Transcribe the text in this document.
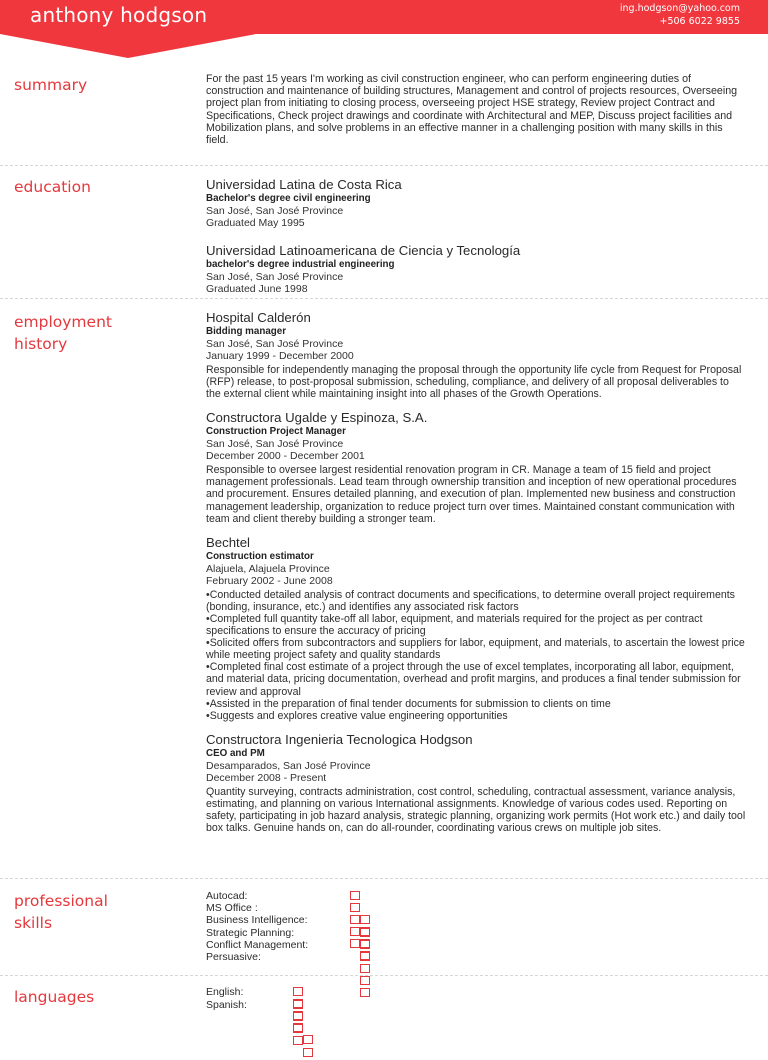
anthony hodgson	ing.hodgson@yahoo.com
+506 6022 9855
summary	For the past 15 years I'm working as civil construction engineer, who can perform engineering duties of construction and maintenance of building structures, Management and control of projects resources, Overseeing project plan from initiating to closing process, overseeing project HSE strategy, Review project Contract and Specifications, Check project drawings and coordinate with Architectural and MEP, Discuss project facilities and Mobilization plans, and solve problems in an effective manner in a challenging position with many skills in this field.
education	Universidad Latina de Costa Rica
Bachelor's degree civil engineering
San José, San José Province
Graduated May 1995
Universidad Latinoamericana de Ciencia y Tecnología
bachelor's degree industrial engineering
San José, San José Province
Graduated June 1998
employment
history
Hospital Calderón
Bidding manager
San José, San José Province
January 1999 - December 2000
Responsible for independently managing the proposal through the opportunity life cycle from Request for Proposal (RFP) release, to post-proposal submission, scheduling, compliance, and delivery of all proposal deliverables to the external client while maintaining insight into all phases of the Growth Operations.
Constructora Ugalde y Espinoza, S.A.
Construction Project Manager
San José, San José Province
December 2000 - December 2001
Responsible to oversee largest residential renovation program in CR. Manage a team of 15 field and project management professionals. Lead team through ownership transition and inception of new operational procedures and procurement. Ensures detailed planning, and execution of plan. Implemented new business and construction management leadership, organization to reduce project turn over times. Maintained constant communication with team and client thereby building a stronger team.
Bechtel
Construction estimator
Alajuela, Alajuela Province
February 2002 - June 2008
•Conducted detailed analysis of contract documents and specifications, to determine overall project requirements (bonding, insurance, etc.) and identifies any associated risk factors
•Completed full quantity take-off all labor, equipment, and materials required for the project as per contract specifications to ensure the accuracy of pricing
•Solicited offers from subcontractors and suppliers for labor, equipment, and materials, to ascertain the lowest price while meeting project safety and quality standards
•Completed final cost estimate of a project through the use of excel templates, incorporating all labor, equipment, and material data, pricing documentation, overhead and profit margins, and produces a final tender submission for review and approval
•Assisted in the preparation of final tender documents for submission to clients on time
•Suggests and explores creative value engineering opportunities
Constructora Ingenieria Tecnologica Hodgson
CEO and PM
Desamparados, San José Province
December 2008 - Present
Quantity surveying, contracts administration, cost control, scheduling, contractual assessment, variance analysis, estimating, and planning on various International assignments. Knowledge of various codes used. Reporting on safety, participating in job hazard analysis, strategic planning, organizing work permits (Hot work etc.) and daily tool box talks. Genuine hands on, can do all-rounder, coordinating various crews on multiple job sites.
professional
skills
Autocad:
MS Office :
Business Intelligence:
Strategic Planning:
Conflict Management:
Persuasive:
languages	English:
Spanish:
